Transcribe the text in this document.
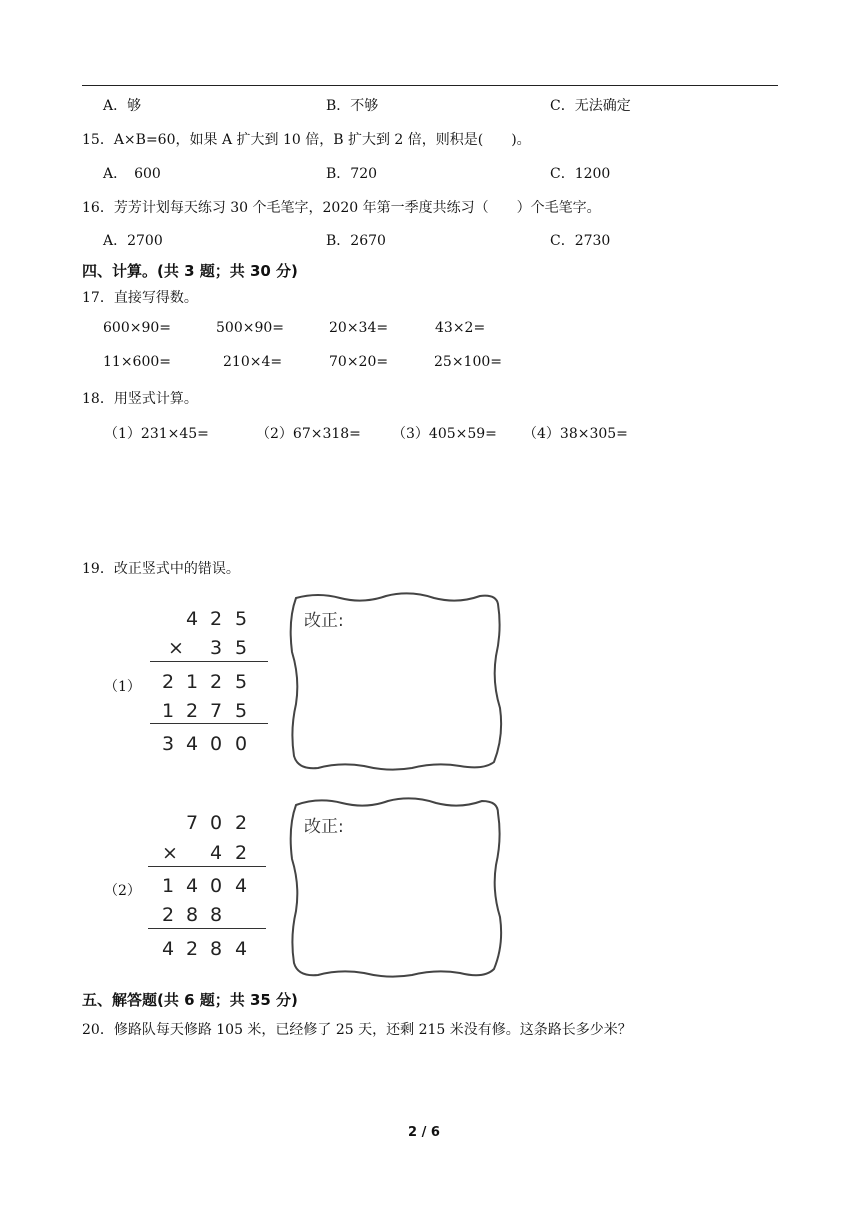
A．够	B．不够	C．无法确定
15．A×B=60，如果 A 扩大到 10 倍，B 扩大到 2 倍，则积是(　　)。
A．　600	B．720	C．1200
16．芳芳计划每天练习 30 个毛笔字，2020 年第一季度共练习（　　）个毛笔字。
A．2700	B．2670	C．2730
四、计算。(共 3 题；共 30 分)
17．直接写得数。
600×90=	500×90=	20×34=	43×2=
11×600=	210×4=	70×20=	25×100=
18．用竖式计算。
（1）231×45=	（2）67×318= （3）405×59= （4）38×305=
19．改正竖式中的错误。
（1）
4 2 5
× 3 5
2 1 2 5
1 2 7 5
3 4 0 0
改正:
（2）
7 0 2
× 4 2
1 4 0 4
2 8 8
4 2 8 4
改正:
五、解答题(共 6 题；共 35 分)
20．修路队每天修路 105 米，已经修了 25 天，还剩 215 米没有修。这条路长多少米？
2 / 6
